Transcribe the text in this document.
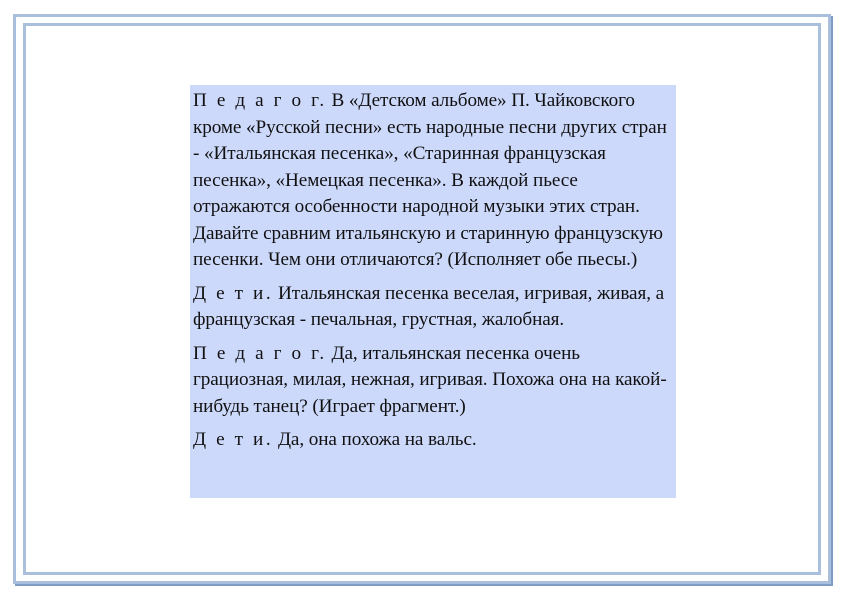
П е д а г о г. В «Детском альбоме» П. Чайковского кроме «Русской песни» есть народные песни других стран - «Итальянская песенка», «Старинная французская песенка», «Немецкая песенка». В каждой пьесе отражаются особенности народной музыки этих стран. Давайте сравним итальянскую и старинную французскую песенки. Чем они отличаются? (Исполняет обе пьесы.)

Д е т и. Итальянская песенка веселая, игривая, живая, а французская - печальная, грустная, жалобная.

П е д а г о г. Да, итальянская песенка очень грациозная, милая, нежная, игривая. Похожа она на какой-нибудь танец? (Играет фрагмент.)

Д е т и. Да, она похожа на вальс.
